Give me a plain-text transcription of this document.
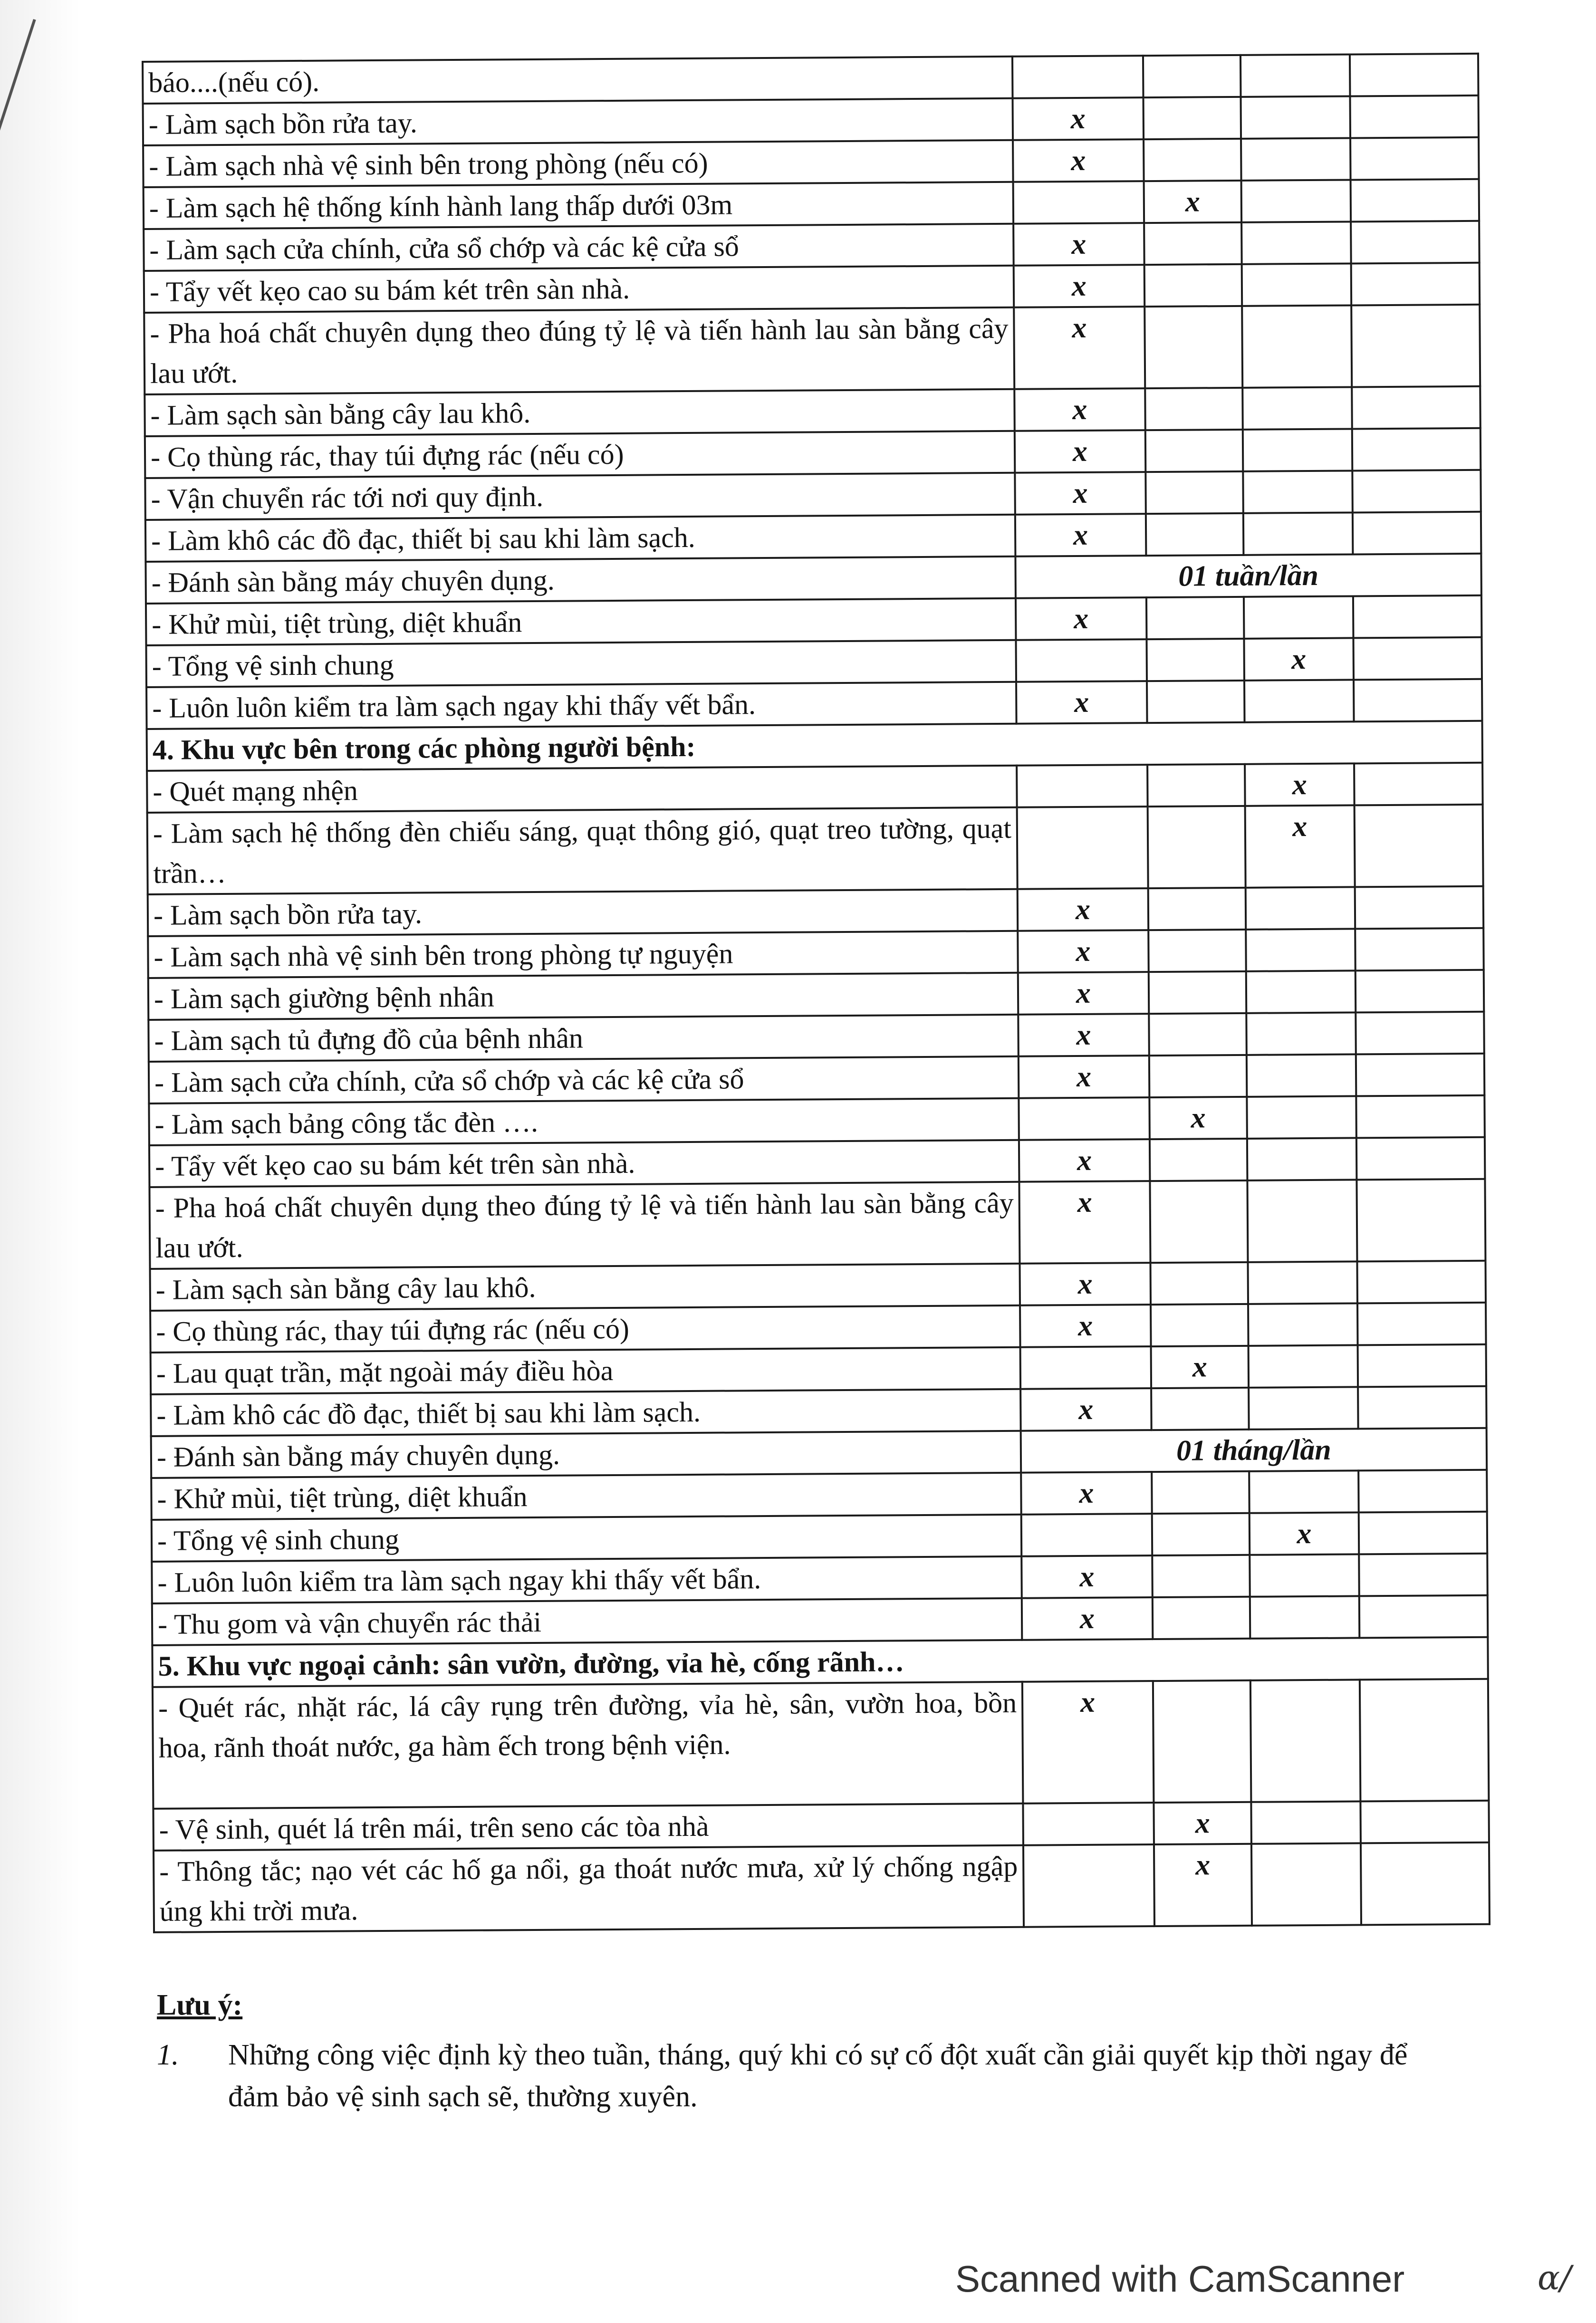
báo....(nếu có).				
- Làm sạch bồn rửa tay.	x			
- Làm sạch nhà vệ sinh bên trong phòng (nếu có)	x			
- Làm sạch hệ thống kính hành lang thấp dưới 03m		x		
- Làm sạch cửa chính, cửa sổ chớp và các kệ cửa sổ	x			
- Tẩy vết kẹo cao su bám két trên sàn nhà.	x			
- Pha hoá chất chuyên dụng theo đúng tỷ lệ và tiến hành lau sàn bằng cây lau ướt.	x			
- Làm sạch sàn bằng cây lau khô.	x			
- Cọ thùng rác, thay túi đựng rác (nếu có)	x			
- Vận chuyển rác tới nơi quy định.	x			
- Làm khô các đồ đạc, thiết bị sau khi làm sạch.	x			
- Đánh sàn bằng máy chuyên dụng.	01 tuần/lần			
- Khử mùi, tiệt trùng, diệt khuẩn	x			
- Tổng vệ sinh chung			x	
- Luôn luôn kiểm tra làm sạch ngay khi thấy vết bẩn.	x			
4. Khu vực bên trong các phòng người bệnh:				
- Quét mạng nhện			x	
- Làm sạch hệ thống đèn chiếu sáng, quạt thông gió, quạt treo tường, quạt trần…			x	
- Làm sạch bồn rửa tay.	x			
- Làm sạch nhà vệ sinh bên trong phòng tự nguyện	x			
- Làm sạch giường bệnh nhân	x			
- Làm sạch tủ đựng đồ của bệnh nhân	x			
- Làm sạch cửa chính, cửa sổ chớp và các kệ cửa sổ	x			
- Làm sạch bảng công tắc đèn ….		x		
- Tẩy vết kẹo cao su bám két trên sàn nhà.	x			
- Pha hoá chất chuyên dụng theo đúng tỷ lệ và tiến hành lau sàn bằng cây lau ướt.	x			
- Làm sạch sàn bằng cây lau khô.	x			
- Cọ thùng rác, thay túi đựng rác (nếu có)	x			
- Lau quạt trần, mặt ngoài máy điều hòa		x		
- Làm khô các đồ đạc, thiết bị sau khi làm sạch.	x			
- Đánh sàn bằng máy chuyên dụng.	01 tháng/lần			
- Khử mùi, tiệt trùng, diệt khuẩn	x			
- Tổng vệ sinh chung			x	
- Luôn luôn kiểm tra làm sạch ngay khi thấy vết bẩn.	x			
- Thu gom và vận chuyển rác thải	x			
5. Khu vực ngoại cảnh: sân vườn, đường, vỉa hè, cống rãnh…				
- Quét rác, nhặt rác, lá cây rụng trên đường, vỉa hè, sân, vườn hoa, bồn hoa, rãnh thoát nước, ga hàm ếch trong bệnh viện.	x			
- Vệ sinh, quét lá trên mái, trên seno các tòa nhà		x		
- Thông tắc; nạo vét các hố ga nổi, ga thoát nước mưa, xử lý chống ngập úng khi trời mưa.		x		
Lưu ý:
1.	Những công việc định kỳ theo tuần, tháng, quý khi có sự cố đột xuất cần giải quyết kịp thời ngay để đảm bảo vệ sinh sạch sẽ, thường xuyên.
Scanned with CamScanner	ɑ/
